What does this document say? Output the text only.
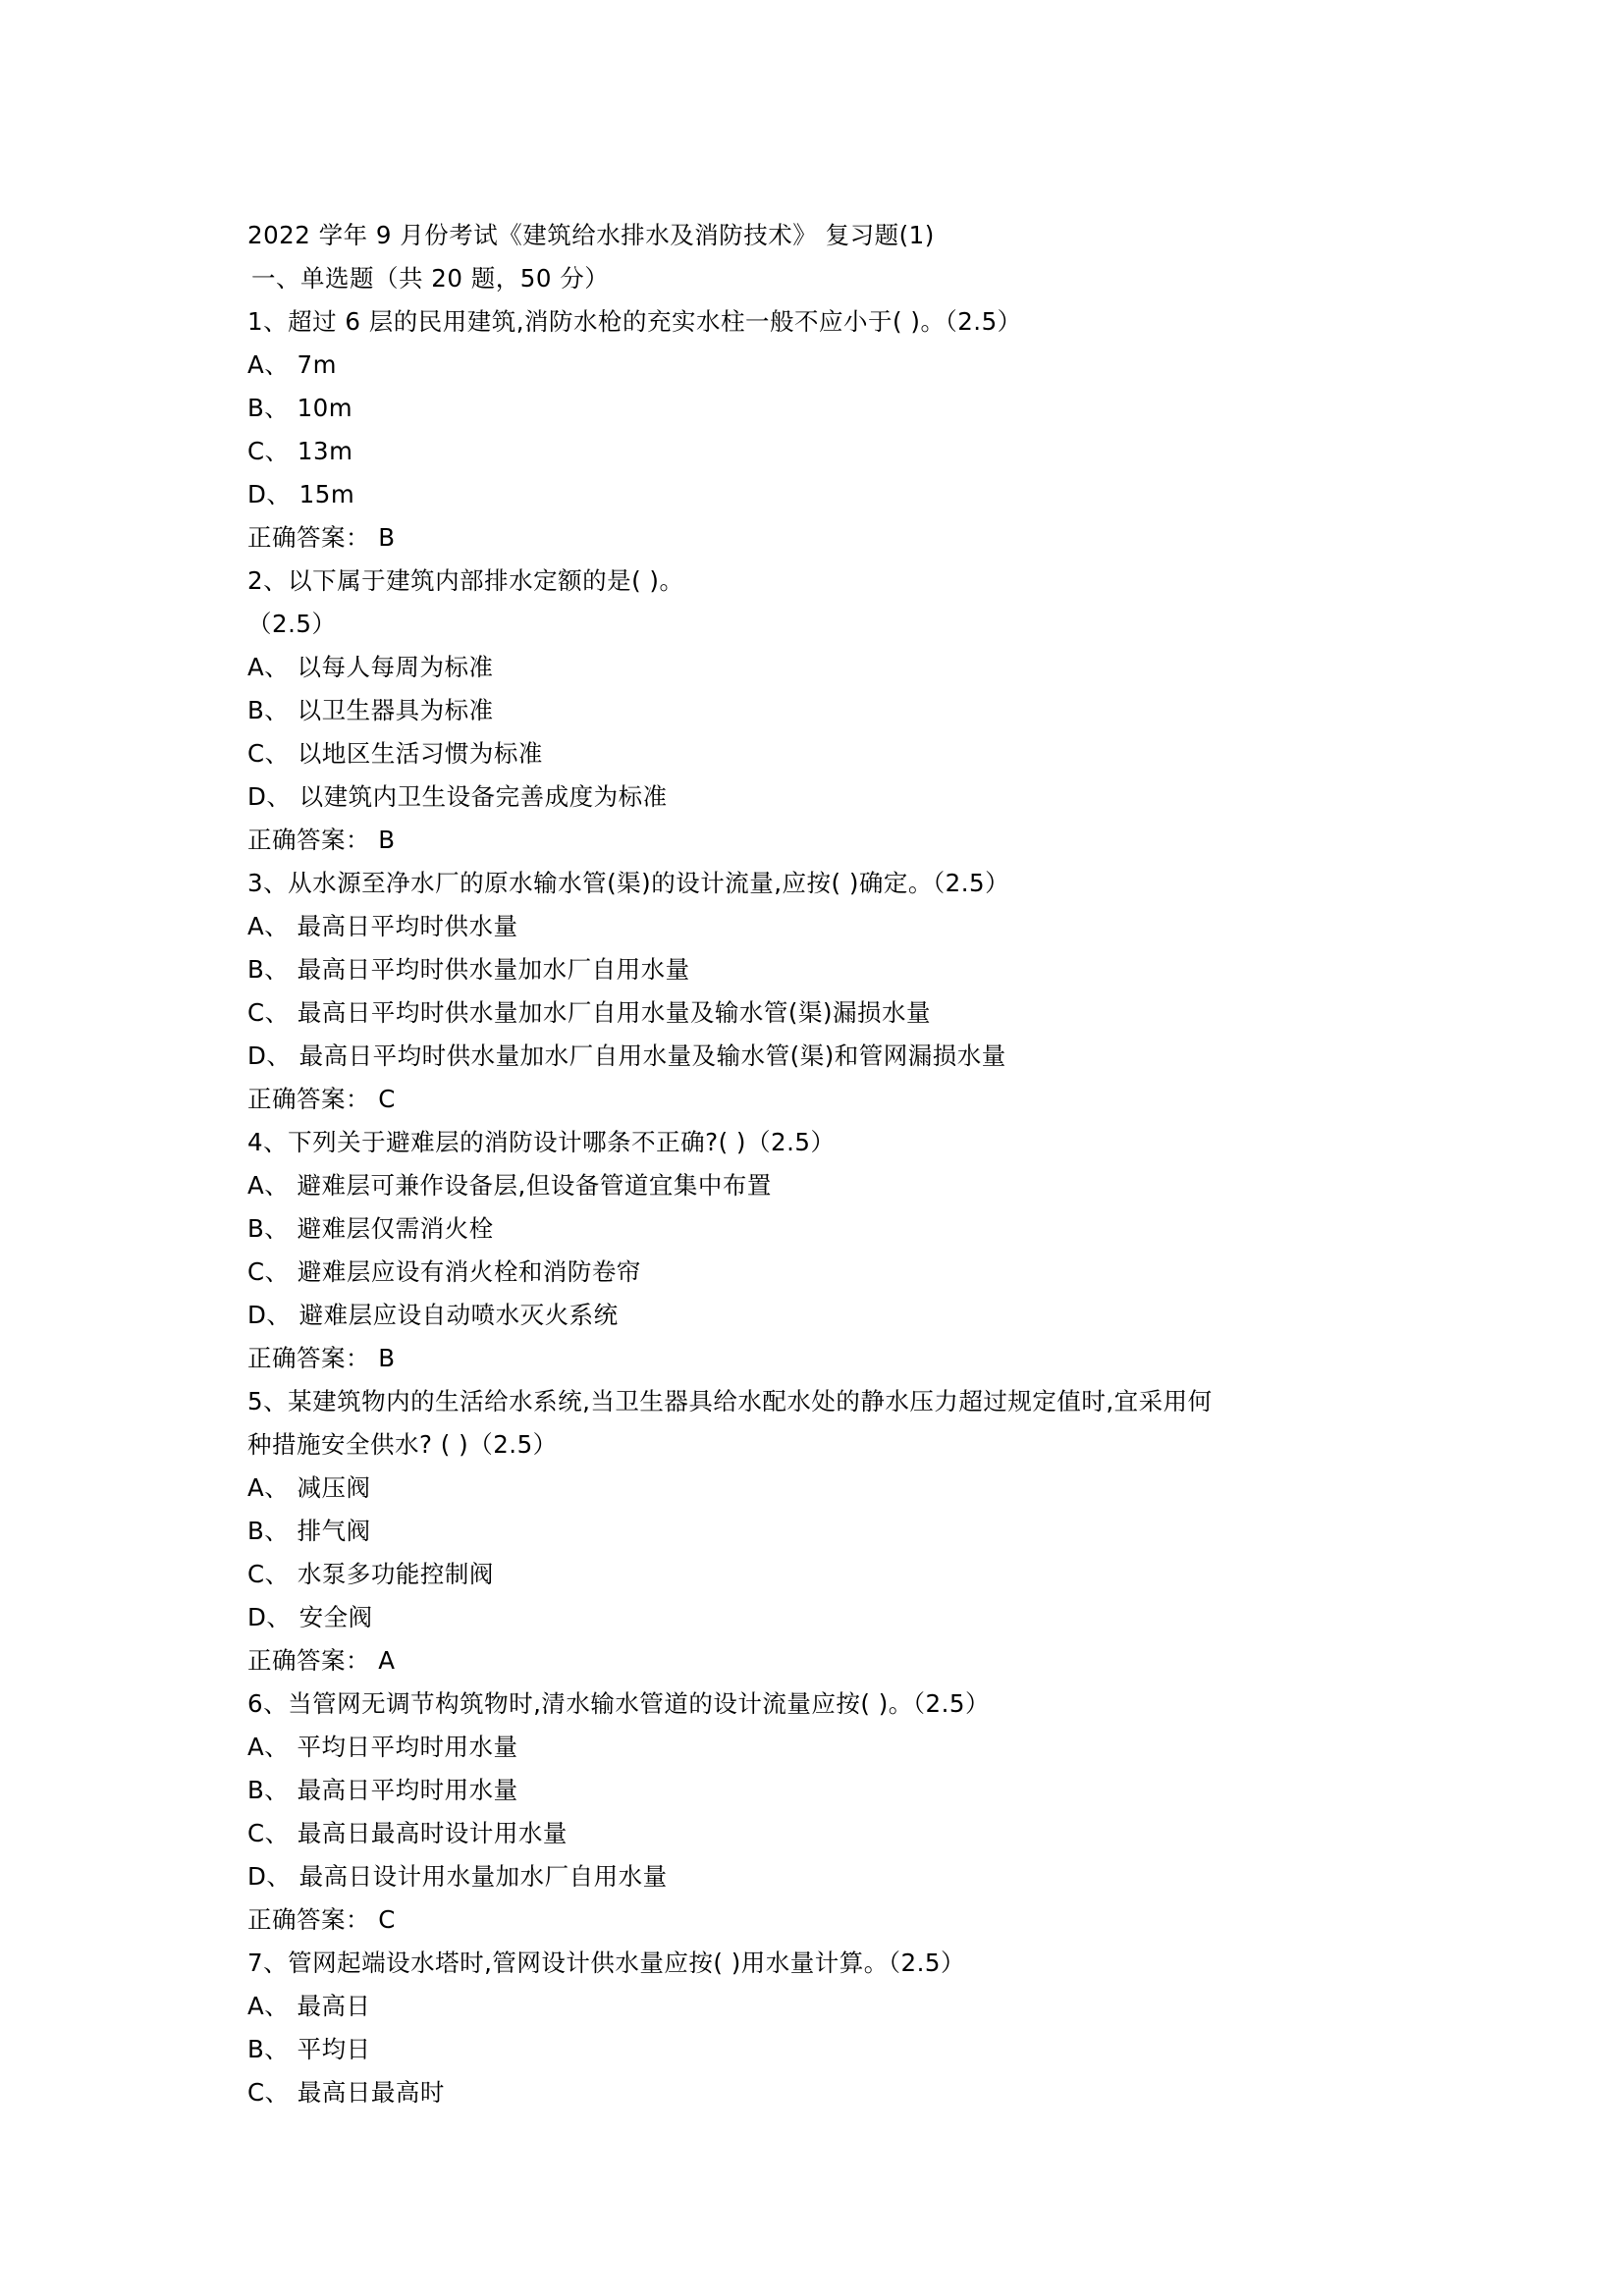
2022 学年 9 月份考试《建筑给水排水及消防技术》 复习题(1)
一、单选题（共 20 题，50 分）
1、超过 6 层的民用建筑,消防水枪的充实水柱一般不应小于( )。（2.5）
A、 7m
B、 10m
C、 13m
D、 15m
正确答案： B
2、以下属于建筑内部排水定额的是( )。
（2.5）
A、 以每人每周为标准
B、 以卫生器具为标准
C、 以地区生活习惯为标准
D、 以建筑内卫生设备完善成度为标准
正确答案： B
3、从水源至净水厂的原水输水管(渠)的设计流量,应按( )确定。（2.5）
A、 最高日平均时供水量
B、 最高日平均时供水量加水厂自用水量
C、 最高日平均时供水量加水厂自用水量及输水管(渠)漏损水量
D、 最高日平均时供水量加水厂自用水量及输水管(渠)和管网漏损水量
正确答案： C
4、下列关于避难层的消防设计哪条不正确?( )（2.5）
A、 避难层可兼作设备层,但设备管道宜集中布置
B、 避难层仅需消火栓
C、 避难层应设有消火栓和消防卷帘
D、 避难层应设自动喷水灭火系统
正确答案： B
5、某建筑物内的生活给水系统,当卫生器具给水配水处的静水压力超过规定值时,宜采用何
种措施安全供水? ( )（2.5）
A、 减压阀
B、 排气阀
C、 水泵多功能控制阀
D、 安全阀
正确答案： A
6、当管网无调节构筑物时,清水输水管道的设计流量应按( )。（2.5）
A、 平均日平均时用水量
B、 最高日平均时用水量
C、 最高日最高时设计用水量
D、 最高日设计用水量加水厂自用水量
正确答案： C
7、管网起端设水塔时,管网设计供水量应按( )用水量计算。（2.5）
A、 最高日
B、 平均日
C、 最高日最高时
